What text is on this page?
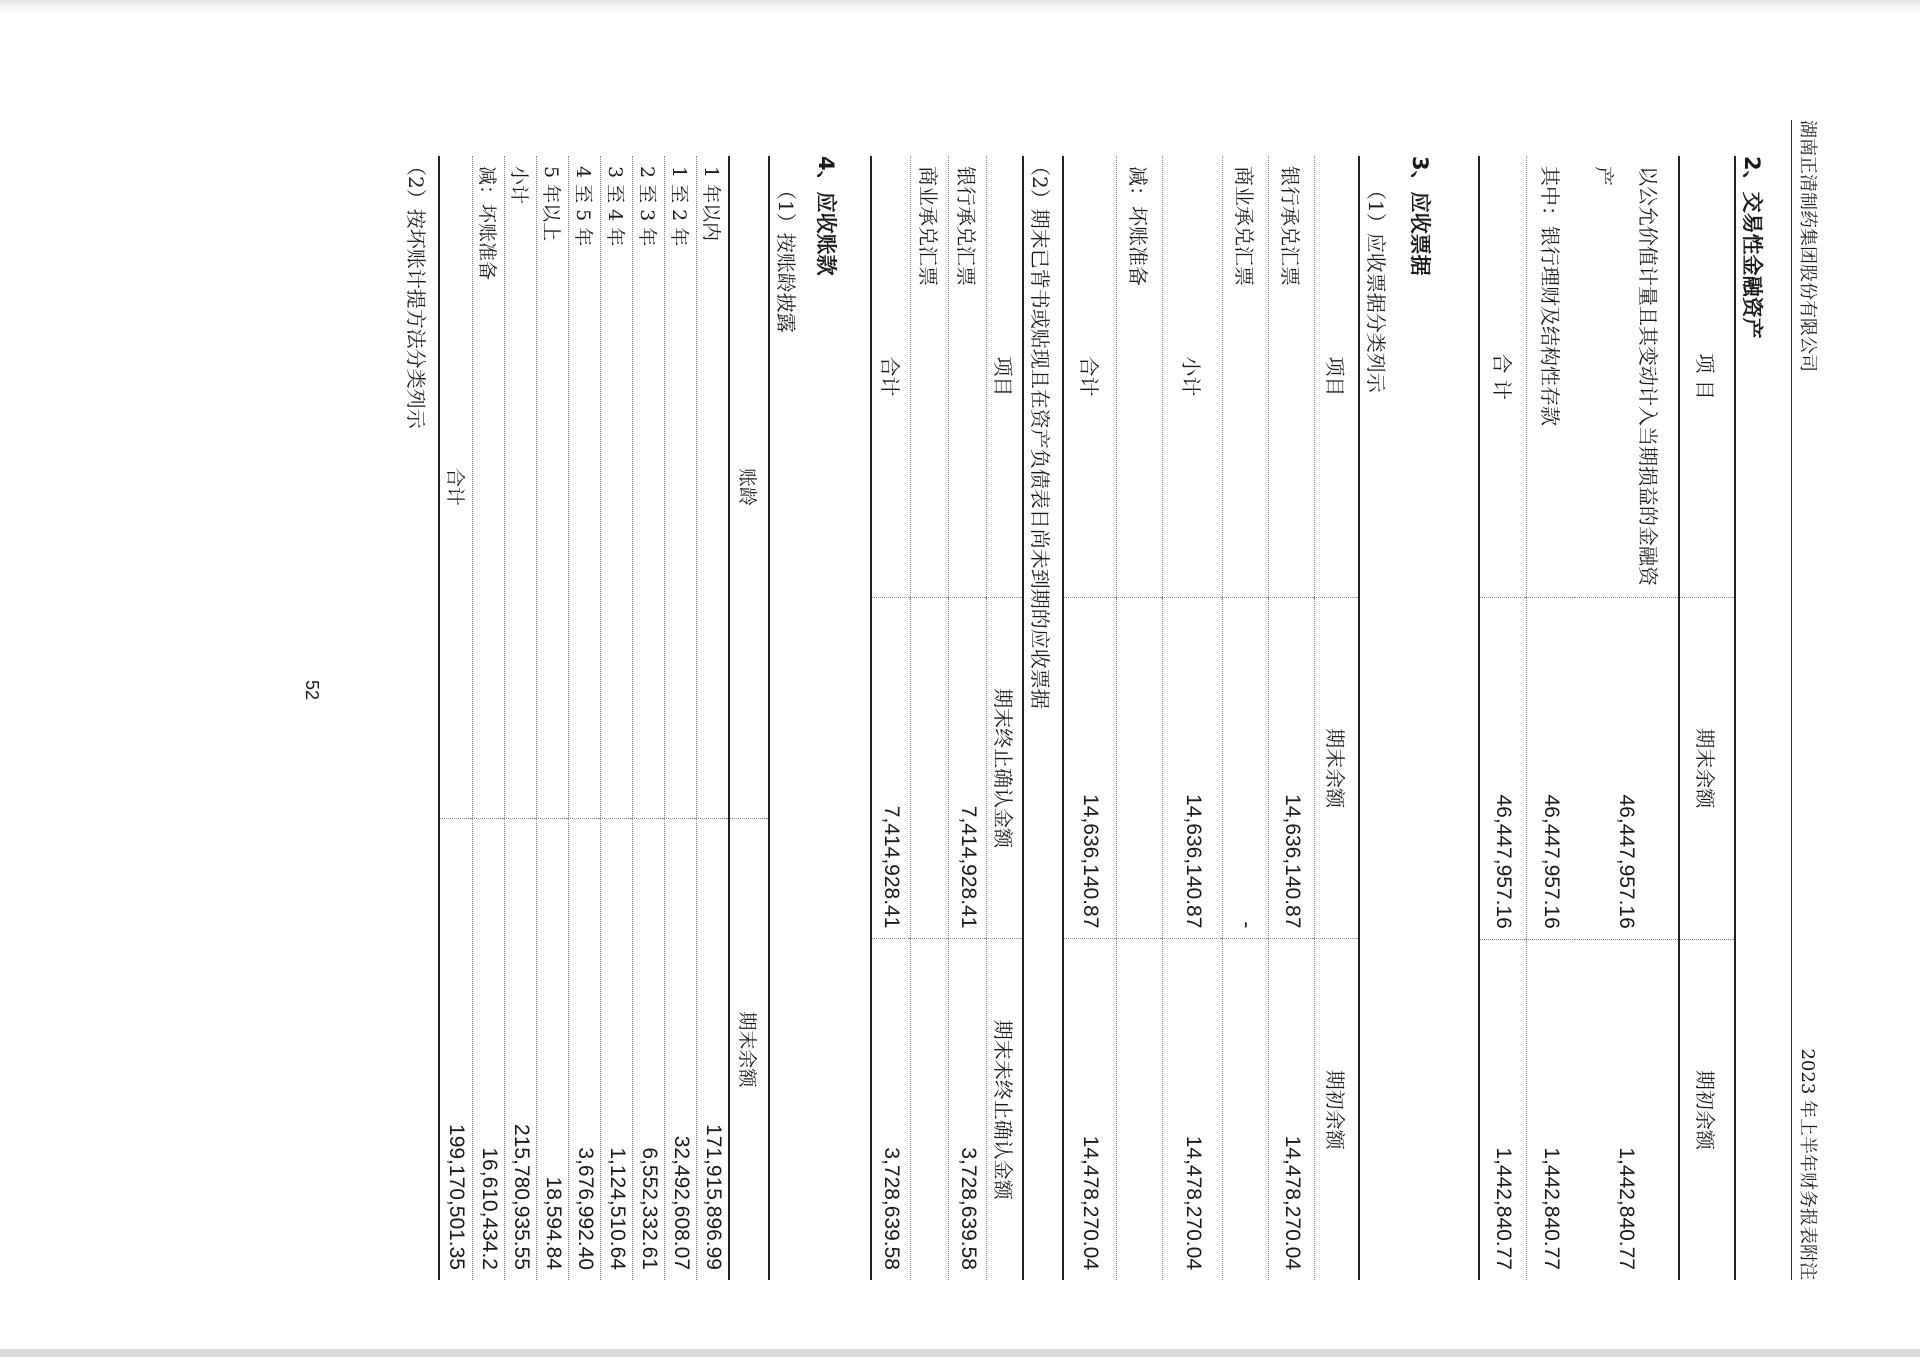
湖南正清制药集团股份有限公司
2023 年上半年财务报表附注
2、交易性金融资产
项 目	期末余额	期初余额
以公允价值计量且其变动计入当期损益的金融资产	46,447,957.16	1,442,840.77
其中：银行理财及结构性存款	46,447,957.16	1,442,840.77
合 计	46,447,957.16	1,442,840.77
3、应收票据
（1）应收票据分类列示
项目	期末余额	期初余额
银行承兑汇票	14,636,140.87	14,478,270.04
商业承兑汇票	-	
小计	14,636,140.87	14,478,270.04
减：坏账准备		
合计	14,636,140.87	14,478,270.04
（2）期末已背书或贴现且在资产负债表日尚未到期的应收票据
项目	期末终止确认金额	期末未终止确认金额
银行承兑汇票	7,414,928.41	3,728,639.58
商业承兑汇票		
合计	7,414,928.41	3,728,639.58
4、应收账款
（1）按账龄披露
账龄	期末余额
1 年以内	171,915,896.99
1 至 2 年	32,492,608.07
2 至 3 年	6,552,332.61
3 至 4 年	1,124,510.64
4 至 5 年	3,676,992.40
5 年以上	18,594.84
小计	215,780,935.55
减：坏账准备	16,610,434.2
合计	199,170,501.35
（2）按坏账计提方法分类列示
52
